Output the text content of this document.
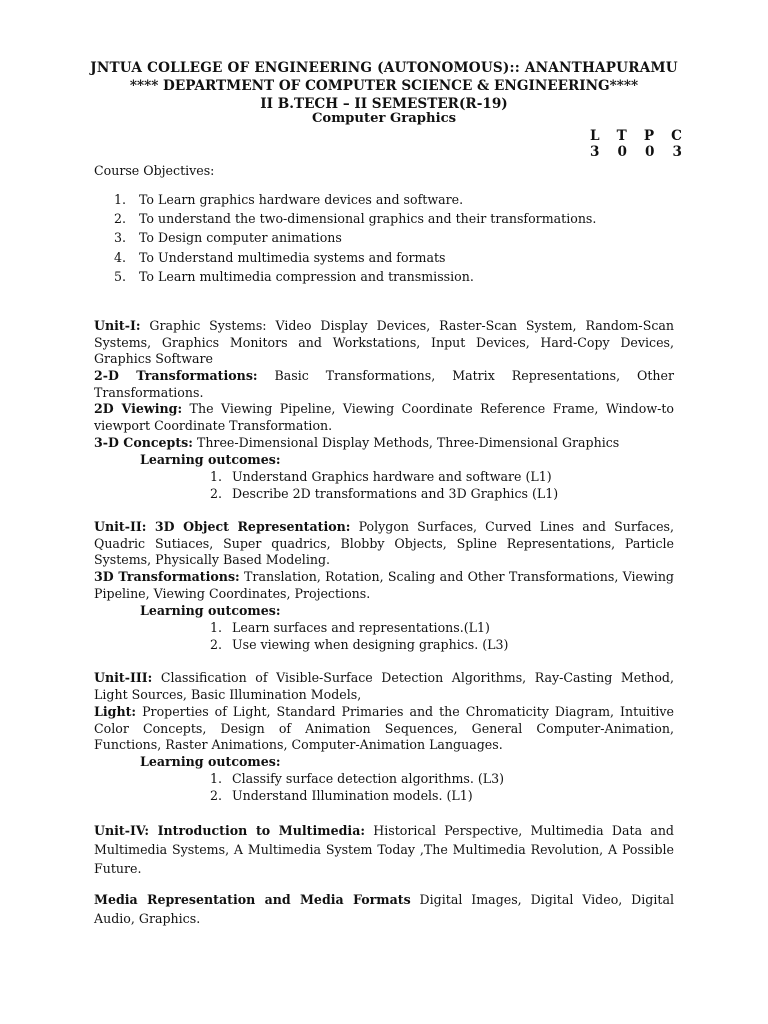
JNTUA COLLEGE OF ENGINEERING (AUTONOMOUS):: ANANTHAPURAMU
**** DEPARTMENT OF COMPUTER SCIENCE & ENGINEERING****
II B.TECH – II SEMESTER(R-19)
Computer Graphics
L T P C
3 0 0 3
Course Objectives:
1. To Learn graphics hardware devices and software.
2. To understand the two-dimensional graphics and their transformations.
3. To Design computer animations
4. To Understand multimedia systems and formats
5. To Learn multimedia compression and transmission.
Unit-I: Graphic Systems: Video Display Devices, Raster-Scan System, Random-Scan Systems, Graphics Monitors and Workstations, Input Devices, Hard-Copy Devices, Graphics Software
2-D Transformations: Basic Transformations, Matrix Representations, Other Transformations.
2D Viewing: The Viewing Pipeline, Viewing Coordinate Reference Frame, Window-to viewport Coordinate Transformation.
3-D Concepts: Three-Dimensional Display Methods, Three-Dimensional Graphics
Learning outcomes:
1. Understand Graphics hardware and software (L1)
2. Describe 2D transformations and 3D Graphics (L1)
Unit-II: 3D Object Representation: Polygon Surfaces, Curved Lines and Surfaces, Quadric Sutiaces, Super quadrics, Blobby Objects, Spline Representations, Particle Systems, Physically Based Modeling.
3D Transformations: Translation, Rotation, Scaling and Other Transformations, Viewing Pipeline, Viewing Coordinates, Projections.
Learning outcomes:
1. Learn surfaces and representations.(L1)
2. Use viewing when designing graphics. (L3)
Unit-III: Classification of Visible-Surface Detection Algorithms, Ray-Casting Method, Light Sources, Basic Illumination Models,
Light: Properties of Light, Standard Primaries and the Chromaticity Diagram, Intuitive Color Concepts, Design of Animation Sequences, General Computer-Animation, Functions, Raster Animations, Computer-Animation Languages.
Learning outcomes:
1. Classify surface detection algorithms. (L3)
2. Understand Illumination models. (L1)
Unit-IV: Introduction to Multimedia: Historical Perspective, Multimedia Data and Multimedia Systems, A Multimedia System Today ,The Multimedia Revolution, A Possible Future.
Media Representation and Media Formats Digital Images, Digital Video, Digital Audio, Graphics.
